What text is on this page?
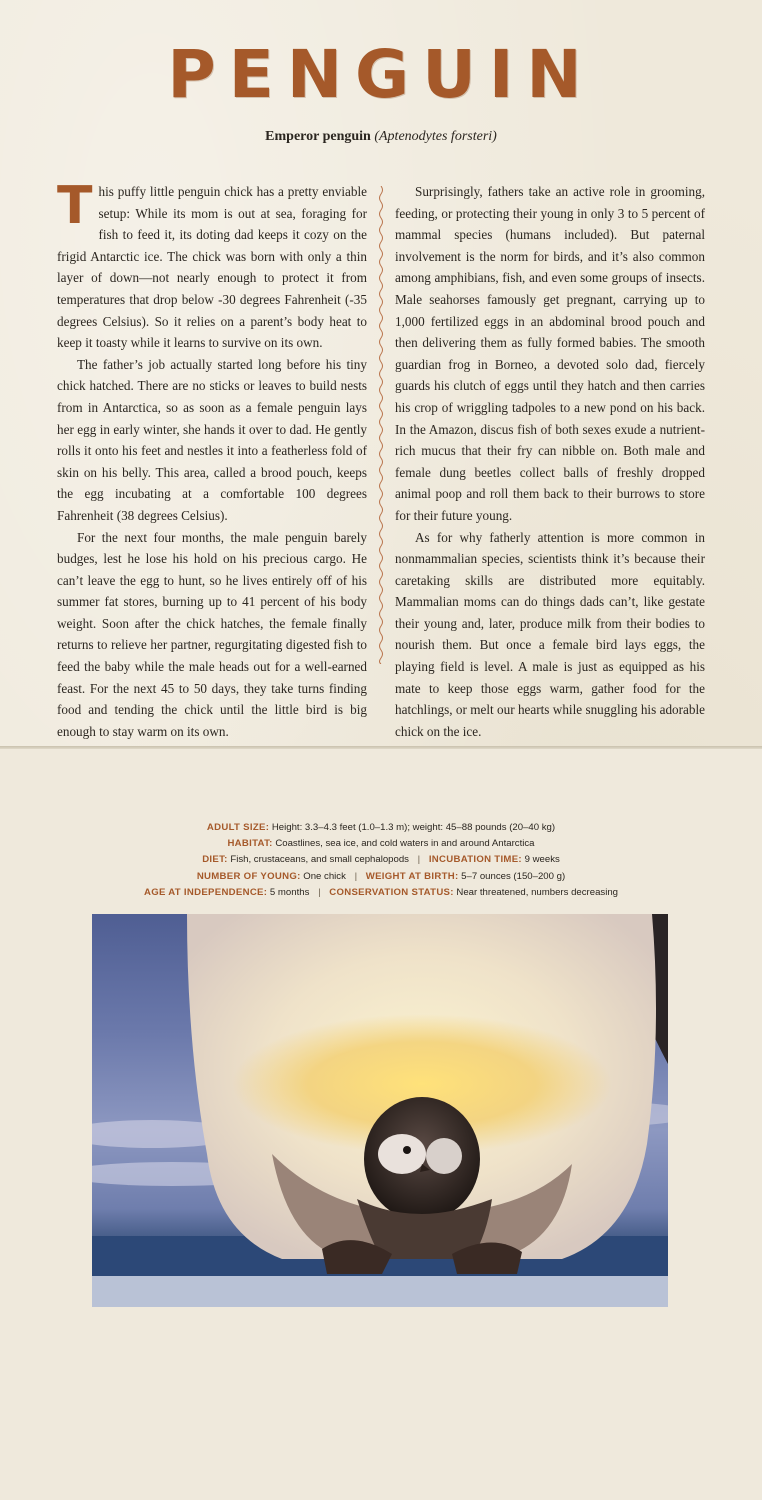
PENGUIN
Emperor penguin (Aptenodytes forsteri)

This puffy little penguin chick has a pretty enviable setup: While its mom is out at sea, foraging for fish to feed it, its doting dad keeps it cozy on the frigid Antarctic ice. The chick was born with only a thin layer of down—not nearly enough to protect it from temperatures that drop below -30 degrees Fahrenheit (-35 degrees Celsius). So it relies on a parent’s body heat to keep it toasty while it learns to survive on its own.

The father’s job actually started long before his tiny chick hatched. There are no sticks or leaves to build nests from in Antarctica, so as soon as a female penguin lays her egg in early winter, she hands it over to dad. He gently rolls it onto his feet and nestles it into a featherless fold of skin on his belly. This area, called a brood pouch, keeps the egg incubating at a comfortable 100 degrees Fahrenheit (38 degrees Celsius).

For the next four months, the male penguin barely budges, lest he lose his hold on his precious cargo. He can’t leave the egg to hunt, so he lives entirely off of his summer fat stores, burning up to 41 percent of his body weight. Soon after the chick hatches, the female finally returns to relieve her partner, regurgitating digested fish to feed the baby while the male heads out for a well-earned feast. For the next 45 to 50 days, they take turns finding food and tending the chick until the little bird is big enough to stay warm on its own.

Surprisingly, fathers take an active role in grooming, feeding, or protecting their young in only 3 to 5 percent of mammal species (humans included). But paternal involvement is the norm for birds, and it’s also common among amphibians, fish, and even some groups of insects. Male seahorses famously get pregnant, carrying up to 1,000 fertilized eggs in an abdominal brood pouch and then delivering them as fully formed babies. The smooth guardian frog in Borneo, a devoted solo dad, fiercely guards his clutch of eggs until they hatch and then carries his crop of wriggling tadpoles to a new pond on his back. In the Amazon, discus fish of both sexes exude a nutrient-rich mucus that their fry can nibble on. Both male and female dung beetles collect balls of freshly dropped animal poop and roll them back to their burrows to store for their future young.

As for why fatherly attention is more common in nonmammalian species, scientists think it’s because their caretaking skills are distributed more equitably. Mammalian moms can do things dads can’t, like gestate their young and, later, produce milk from their bodies to nourish them. But once a female bird lays eggs, the playing field is level. A male is just as equipped as his mate to keep those eggs warm, gather food for the hatchlings, or melt our hearts while snuggling his adorable chick on the ice.

ADULT SIZE: Height: 3.3–4.3 feet (1.0–1.3 m); weight: 45–88 pounds (20–40 kg)
HABITAT: Coastlines, sea ice, and cold waters in and around Antarctica
DIET: Fish, crustaceans, and small cephalopods | INCUBATION TIME: 9 weeks
NUMBER OF YOUNG: One chick | WEIGHT AT BIRTH: 5–7 ounces (150–200 g)
AGE AT INDEPENDENCE: 5 months | CONSERVATION STATUS: Near threatened, numbers decreasing
